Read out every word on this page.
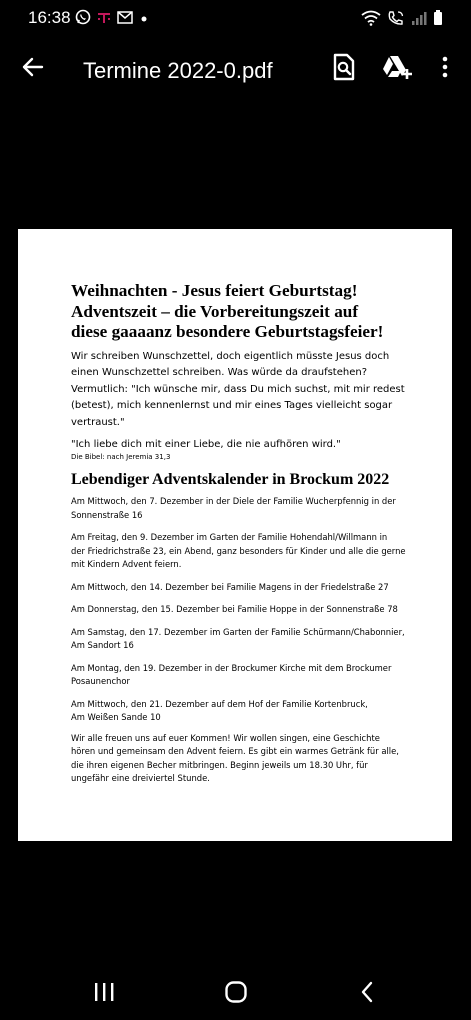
16:38
Termine 2022-0.pdf

Weihnachten - Jesus feiert Geburtstag!

Adventszeit – die Vorbereitungszeit auf

diese gaaaanz besondere Geburtstagsfeier!

Wir schreiben Wunschzettel, doch eigentlich müsste Jesus doch

einen Wunschzettel schreiben. Was würde da draufstehen?

Vermutlich: "Ich wünsche mir, dass Du mich suchst, mit mir redest

(betest), mich kennenlernst und mir eines Tages vielleicht sogar

vertraust."

"Ich liebe dich mit einer Liebe, die nie aufhören wird."

Die Bibel: nach Jeremia 31,3

Lebendiger Adventskalender in Brockum 2022

Am Mittwoch, den 7. Dezember in der Diele der Familie Wucherpfennig in der

Sonnenstraße 16

Am Freitag, den 9. Dezember im Garten der Familie Hohendahl/Willmann in

der Friedrichstraße 23, ein Abend, ganz besonders für Kinder und alle die gerne

mit Kindern Advent feiern.

Am Mittwoch, den 14. Dezember bei Familie Magens in der Friedelstraße 27

Am Donnerstag, den 15. Dezember bei Familie Hoppe in der Sonnenstraße 78

Am Samstag, den 17. Dezember im Garten der Familie Schürmann/Chabonnier,

Am Sandort 16

Am Montag, den 19. Dezember in der Brockumer Kirche mit dem Brockumer

Posaunenchor

Am Mittwoch, den 21. Dezember auf dem Hof der Familie Kortenbruck,

Am Weißen Sande 10

Wir alle freuen uns auf euer Kommen! Wir wollen singen, eine Geschichte

hören und gemeinsam den Advent feiern. Es gibt ein warmes Getränk für alle,

die ihren eigenen Becher mitbringen. Beginn jeweils um 18.30 Uhr, für

ungefähr eine dreiviertel Stunde.
